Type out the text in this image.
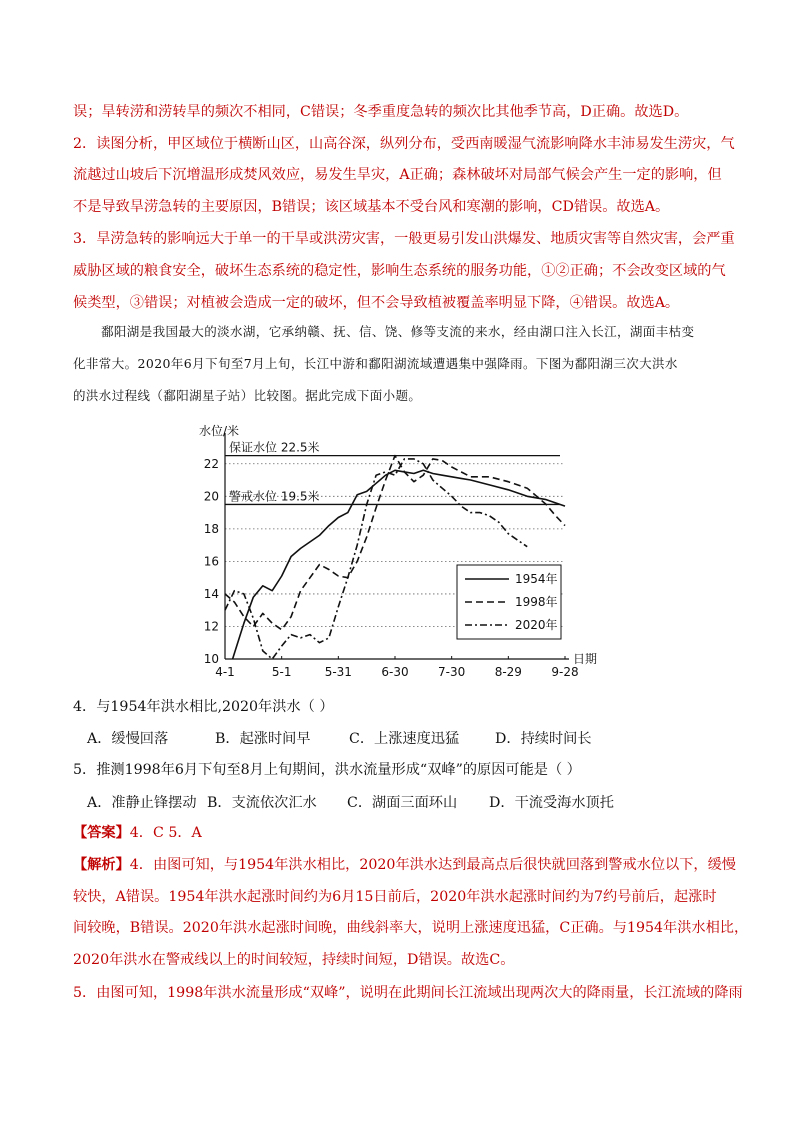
误；旱转涝和涝转旱的频次不相同，C错误；冬季重度急转的频次比其他季节高，D正确。故选D。
2．读图分析，甲区域位于横断山区，山高谷深，纵列分布，受西南暖湿气流影响降水丰沛易发生涝灾，气
流越过山坡后下沉增温形成焚风效应，易发生旱灾，A正确；森林破坏对局部气候会产生一定的影响，但
不是导致旱涝急转的主要原因，B错误；该区域基本不受台风和寒潮的影响，CD错误。故选A。
3．旱涝急转的影响远大于单一的干旱或洪涝灾害，一般更易引发山洪爆发、地质灾害等自然灾害，会严重
威胁区域的粮食安全，破坏生态系统的稳定性，影响生态系统的服务功能，①②正确；不会改变区域的气
候类型，③错误；对植被会造成一定的破坏，但不会导致植被覆盖率明显下降，④错误。故选A。
鄱阳湖是我国最大的淡水湖，它承纳赣、抚、信、饶、修等支流的来水，经由湖口注入长江，湖面丰枯变
化非常大。2020年6月下旬至7月上旬，长江中游和鄱阳湖流域遭遇集中强降雨。下图为鄱阳湖三次大洪水
的洪水过程线（鄱阳湖星子站）比较图。据此完成下面小题。
水位/米
日期
保证水位 22.5米
警戒水位 19.5米
10
12
14
16
18
20
22
4-1	5-1	5-31 6-30 7-30 8-29 9-28
1954年
1998年
2020年
4．与1954年洪水相比,2020年洪水（ ）
A．缓慢回落	B．起涨时间早	C．上涨速度迅猛	D．持续时间长
5．推测1998年6月下旬至8月上旬期间，洪水流量形成“双峰”的原因可能是（ ）
A．准静止锋摆动 B．支流依次汇水 C．湖面三面环山 D．干流受海水顶托
【答案】4．C 5．A
【解析】4．由图可知，与1954年洪水相比，2020年洪水达到最高点后很快就回落到警戒水位以下，缓慢
较快，A错误。1954年洪水起涨时间约为6月15日前后，2020年洪水起涨时间约为7约号前后，起涨时
间较晚，B错误。2020年洪水起涨时间晚，曲线斜率大，说明上涨速度迅猛，C正确。与1954年洪水相比，
2020年洪水在警戒线以上的时间较短，持续时间短，D错误。故选C。
5．由图可知，1998年洪水流量形成“双峰”，说明在此期间长江流域出现两次大的降雨量，长江流域的降雨
